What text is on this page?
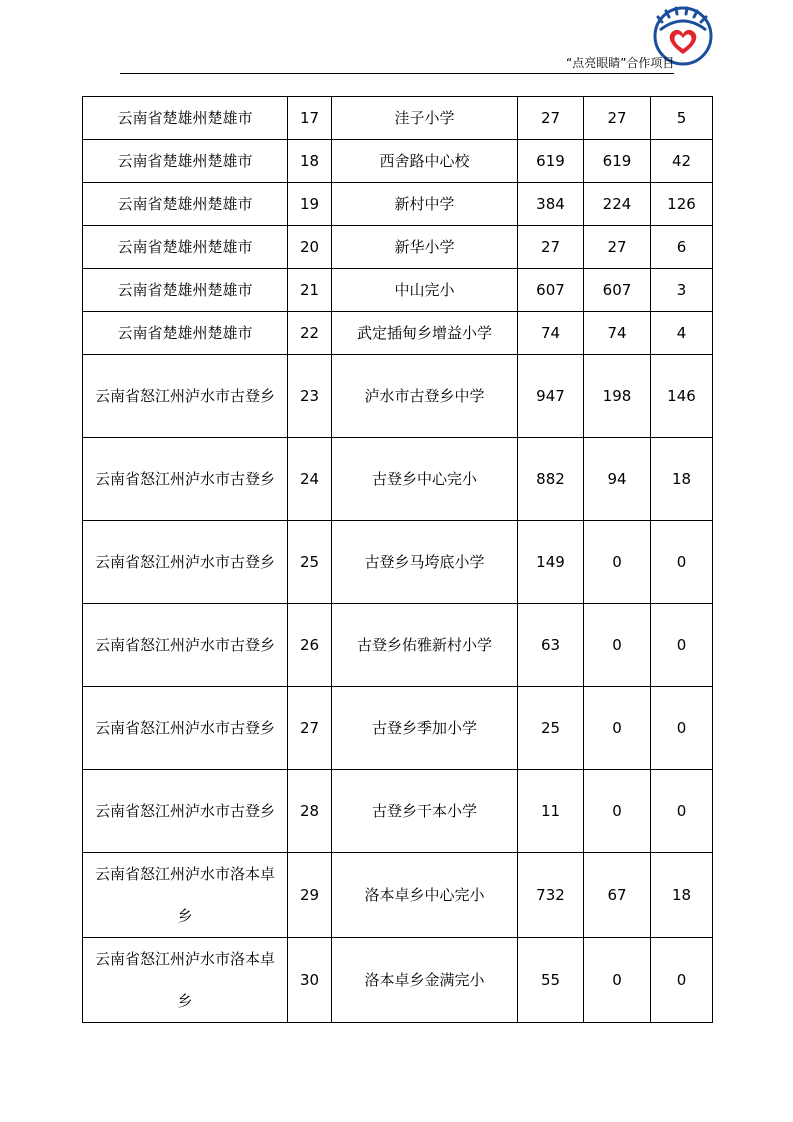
“点亮眼睛”合作项目
云南省楚雄州楚雄市	17	洼子小学	27	27	5
云南省楚雄州楚雄市	18	西舍路中心校	619	619	42
云南省楚雄州楚雄市	19	新村中学	384	224	126
云南省楚雄州楚雄市	20	新华小学	27	27	6
云南省楚雄州楚雄市	21	中山完小	607	607	3
云南省楚雄州楚雄市	22	武定插甸乡增益小学	74	74	4
云南省怒江州泸水市古登乡	23	泸水市古登乡中学	947	198	146
云南省怒江州泸水市古登乡	24	古登乡中心完小	882	94	18
云南省怒江州泸水市古登乡	25	古登乡马垮底小学	149	0	0
云南省怒江州泸水市古登乡	26	古登乡佑雅新村小学	63	0	0
云南省怒江州泸水市古登乡	27	古登乡季加小学	25	0	0
云南省怒江州泸水市古登乡	28	古登乡干本小学	11	0	0
云南省怒江州泸水市洛本卓乡	29	洛本卓乡中心完小	732	67	18
云南省怒江州泸水市洛本卓乡	30	洛本卓乡金满完小	55	0	0
